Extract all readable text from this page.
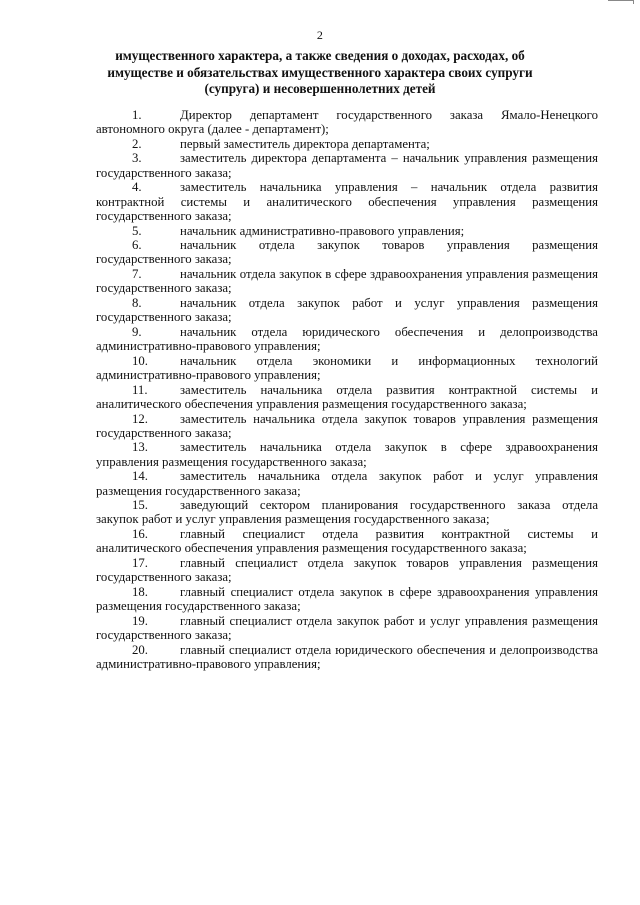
2
имущественного характера, а также сведения о доходах, расходах, об
имуществе и обязательствах имущественного характера своих супруги
(супруга) и несовершеннолетних детей
1.	Директор департамент государственного заказа Ямало-Ненецкого автономного округа (далее - департамент);
2.	первый заместитель директора департамента;
3.	заместитель директора департамента – начальник управления размещения государственного заказа;
4.	заместитель начальника управления – начальник отдела развития контрактной системы и аналитического обеспечения управления размещения государственного заказа;
5.	начальник административно-правового управления;
6.	начальник отдела закупок товаров управления размещения государственного заказа;
7.	начальник отдела закупок в сфере здравоохранения управления размещения государственного заказа;
8.	начальник отдела закупок работ и услуг управления размещения государственного заказа;
9.	начальник отдела юридического обеспечения и делопроизводства административно-правового управления;
10.	начальник отдела экономики и информационных технологий административно-правового управления;
11.	заместитель начальника отдела развития контрактной системы и аналитического обеспечения управления размещения государственного заказа;
12.	заместитель начальника отдела закупок товаров управления размещения государственного заказа;
13.	заместитель начальника отдела закупок в сфере здравоохранения управления размещения государственного заказа;
14.	заместитель начальника отдела закупок работ и услуг управления размещения государственного заказа;
15.	заведующий сектором планирования государственного заказа отдела закупок работ и услуг управления размещения государственного заказа;
16.	главный специалист отдела развития контрактной системы и аналитического обеспечения управления размещения государственного заказа;
17.	главный специалист отдела закупок товаров управления размещения государственного заказа;
18.	главный специалист отдела закупок в сфере здравоохранения управления размещения государственного заказа;
19.	главный специалист отдела закупок работ и услуг управления размещения государственного заказа;
20.	главный специалист отдела юридического обеспечения и делопроизводства административно-правового управления;
